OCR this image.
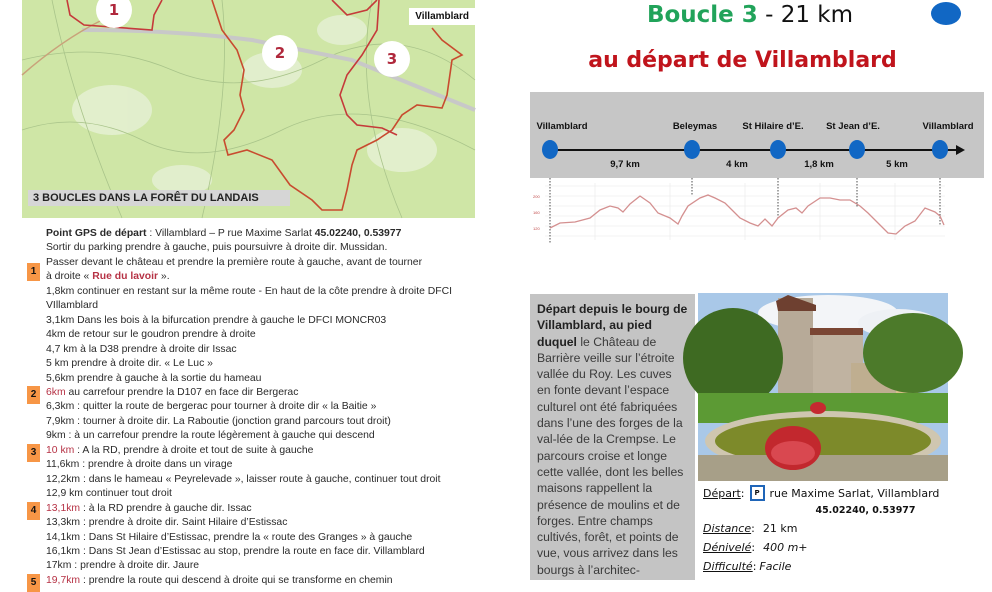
1
2	3
Villamblard
3 BOUCLES DANS LA FORÊT DU LANDAIS
Point GPS de départ : Villamblard – P rue Maxime Sarlat 45.02240, 0.53977
Sortir du parking prendre à gauche, puis poursuivre à droite dir. Mussidan.
Passer devant le château et prendre la première route à gauche, avant de tourner
1 à droite « Rue du lavoir ».
1,8km continuer en restant sur la même route - En haut de la côte prendre à droite DFCI
VIllamblard
3,1km Dans les bois à la bifurcation prendre à gauche le DFCI MONCR03
4km de retour sur le goudron prendre à droite
4,7 km à la D38 prendre à droite dir Issac
5 km prendre à droite dir. « Le Luc »
5,6km prendre à gauche à la sortie du hameau
2 6km au carrefour prendre la D107 en face dir Bergerac
6,3km : quitter la route de bergerac pour tourner à droite dir « la Baitie »
7,9km : tourner à droite dir. La Raboutie (jonction grand parcours tout droit)
9km : à un carrefour prendre la route légèrement à gauche qui descend
3 10 km : A la RD, prendre à droite et tout de suite à gauche
11,6km : prendre à droite dans un virage
12,2km : dans le hameau « Peyrelevade », laisser route à gauche, continuer tout droit
12,9 km continuer tout droit
4 13,1km : à la RD prendre à gauche dir. Issac
13,3km : prendre à droite dir. Saint Hilaire d’Estissac
14,1km : Dans St Hilaire d’Estissac, prendre la « route des Granges » à gauche
16,1km : Dans St Jean d’Estissac au stop, prendre la route en face dir. Villamblard
17km : prendre à droite dir. Jaure
5 19,7km : prendre la route qui descend à droite qui se transforme en chemin
Boucle 3 - 21 km
au départ de Villamblard
Villamblard	Beleymas	St Hilaire d’E. St Jean d’E.	Villamblard
9,7 km	4 km	1,8 km	5 km
200
160
120
Départ depuis le bourg de Villamblard, au pied duquel le Château de Barrière veille sur l’étroite vallée du Roy. Les cuves en fonte devant l’espace culturel ont été fabriquées dans l’une des forges de la val-lée de la Crempse. Le parcours croise et longe cette vallée, dont les belles maisons rappellent la présence de moulins et de forges. Entre champs cultivés, forêt, et points de vue, vous arrivez dans les bourgs à l’architec-
Départ :	P rue Maxime Sarlat, Villamblard
45.02240, 0.53977
Distance: 21 km
Dénivelé: 400 m+
Difficulté: Facile
